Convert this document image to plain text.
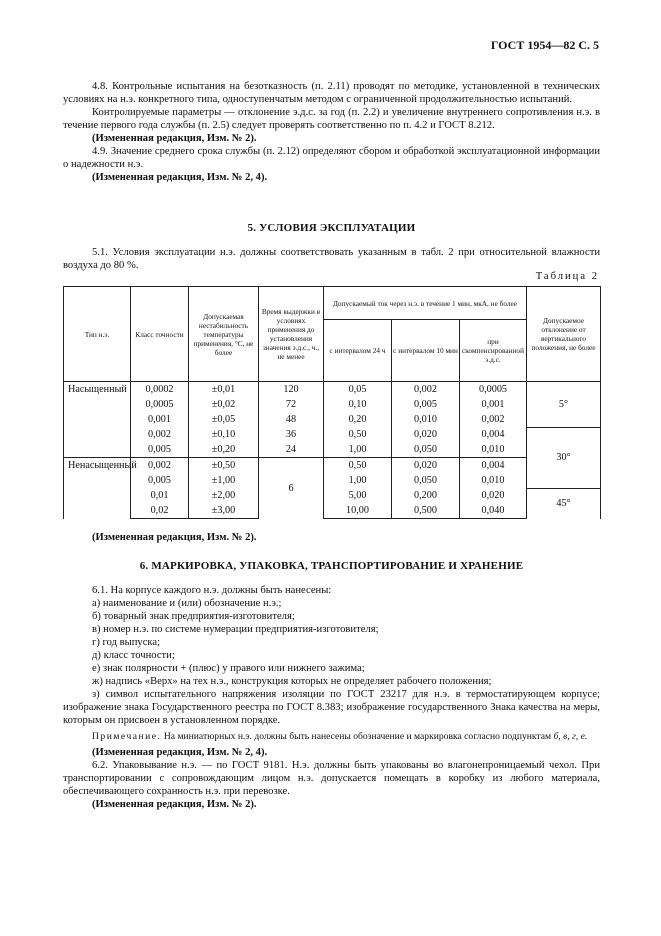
ГОСТ 1954—82 С. 5
4.8. Контрольные испытания на безотказность (п. 2.11) проводят по методике, установленной в технических условиях на н.э. конкретного типа, одноступенчатым методом с ограниченной продолжительностью испытаний.
Контролируемые параметры — отклонение э.д.с. за год (п. 2.2) и увеличение внутреннего сопротивления н.э. в течение первого года службы (п. 2.5) следует проверять соответственно по п. 4.2 и ГОСТ 8.212.
(Измененная редакция, Изм. № 2).
4.9. Значение среднего срока службы (п. 2.12) определяют сбором и обработкой эксплуатационной информации о надежности н.э.
(Измененная редакция, Изм. № 2, 4).
5. УСЛОВИЯ ЭКСПЛУАТАЦИИ
5.1. Условия эксплуатации н.э. должны соответствовать указанным в табл. 2 при относительной влажности воздуха до 80 %.
Таблица 2
Тип н.э.	Класс точности	Допускаемая нестабильность температуры применения, °С, не более	Время выдержки в условиях применения до установления значения э.д.с., ч., не менее	Допускаемый ток через н.э. в течение 1 мин, мкА, не более			Допускаемое отклонение от вертикального положения, не более
				с интервалом 24 ч	с интервалом 10 мин	при скомпенсированной э.д.с.	
Насыщенный	0,0002	±0,01	120	0,05	0,002	0,0005	5°
	0,0005	±0,02	72	0,10	0,005	0,001	
	0,001	±0,05	48	0,20	0,010	0,002	
	0,002	±0,10	36	0,50	0,020	0,004	30°
	0,005	±0,20	24	1,00	0,050	0,010	
Ненасыщенный	0,002	±0,50	6	0,50	0,020	0,004	
	0,005	±1,00		1,00	0,050	0,010	
	0,01	±2,00		5,00	0,200	0,020	45°
	0,02	±3,00		10,00	0,500	0,040	
(Измененная редакция, Изм. № 2).
6. МАРКИРОВКА, УПАКОВКА, ТРАНСПОРТИРОВАНИЕ И ХРАНЕНИЕ
6.1. На корпусе каждого н.э. должны быть нанесены:
а) наименование и (или) обозначение н.э.;
б) товарный знак предприятия-изготовителя;
в) номер н.э. по системе нумерации предприятия-изготовителя;
г) год выпуска;
д) класс точности;
е) знак полярности + (плюс) у правого или нижнего зажима;
ж) надпись «Верх» на тех н.э., конструкция которых не определяет рабочего положения;
з) символ испытательного напряжения изоляции по ГОСТ 23217 для н.э. в термостатирующем корпусе; изображение знака Государственного реестра по ГОСТ 8.383; изображение государственного Знака качества на меры, которым он присвоен в установленном порядке.
Примечание. На миниатюрных н.э. должны быть нанесены обозначение и маркировка согласно подпунктам б, в, г, е.
(Измененная редакция, Изм. № 2, 4).
6.2. Упаковывание н.э. — по ГОСТ 9181. Н.э. должны быть упакованы во влагонепроницаемый чехол. При транспортировании с сопровождающим лицом н.э. допускается помещать в коробку из любого материала, обеспечивающего сохранность н.э. при перевозке.
(Измененная редакция, Изм. № 2).
